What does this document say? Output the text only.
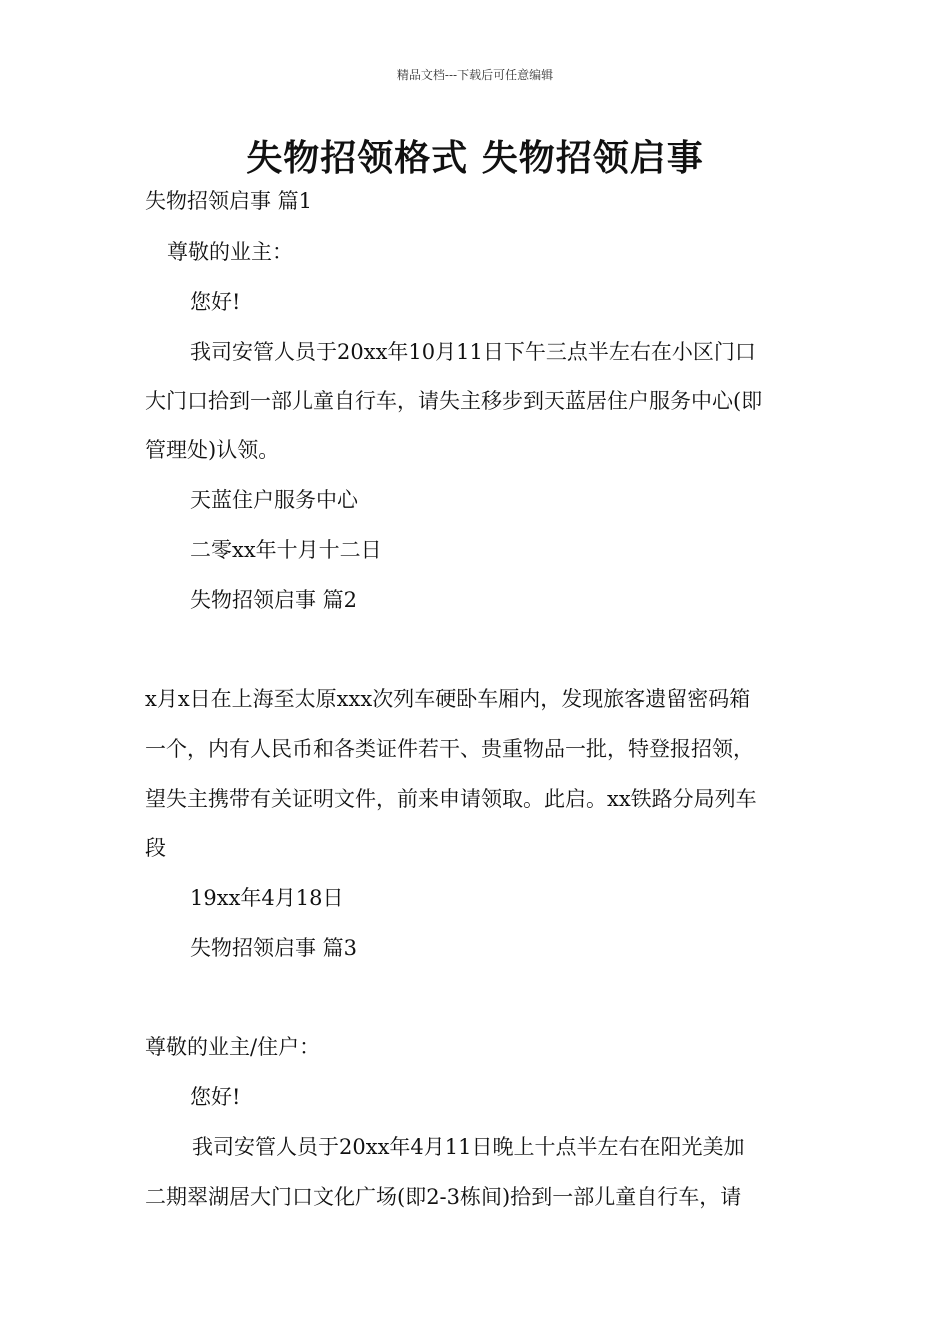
精品文档---下载后可任意编辑
失物招领格式 失物招领启事
失物招领启事 篇1
尊敬的业主：
您好!
我司安管人员于20xx年10月11日下午三点半左右在小区门口
大门口拾到一部儿童自行车，请失主移步到天蓝居住户服务中心(即
管理处)认领。
天蓝住户服务中心
二零xx年十月十二日
失物招领启事 篇2
x月x日在上海至太原xxx次列车硬卧车厢内，发现旅客遗留密码箱
一个，内有人民币和各类证件若干、贵重物品一批，特登报招领，
望失主携带有关证明文件，前来申请领取。此启。xx铁路分局列车
段
19xx年4月18日
失物招领启事 篇3
尊敬的业主/住户：
您好!
我司安管人员于20xx年4月11日晚上十点半左右在阳光美加
二期翠湖居大门口文化广场(即2-3栋间)拾到一部儿童自行车，请
